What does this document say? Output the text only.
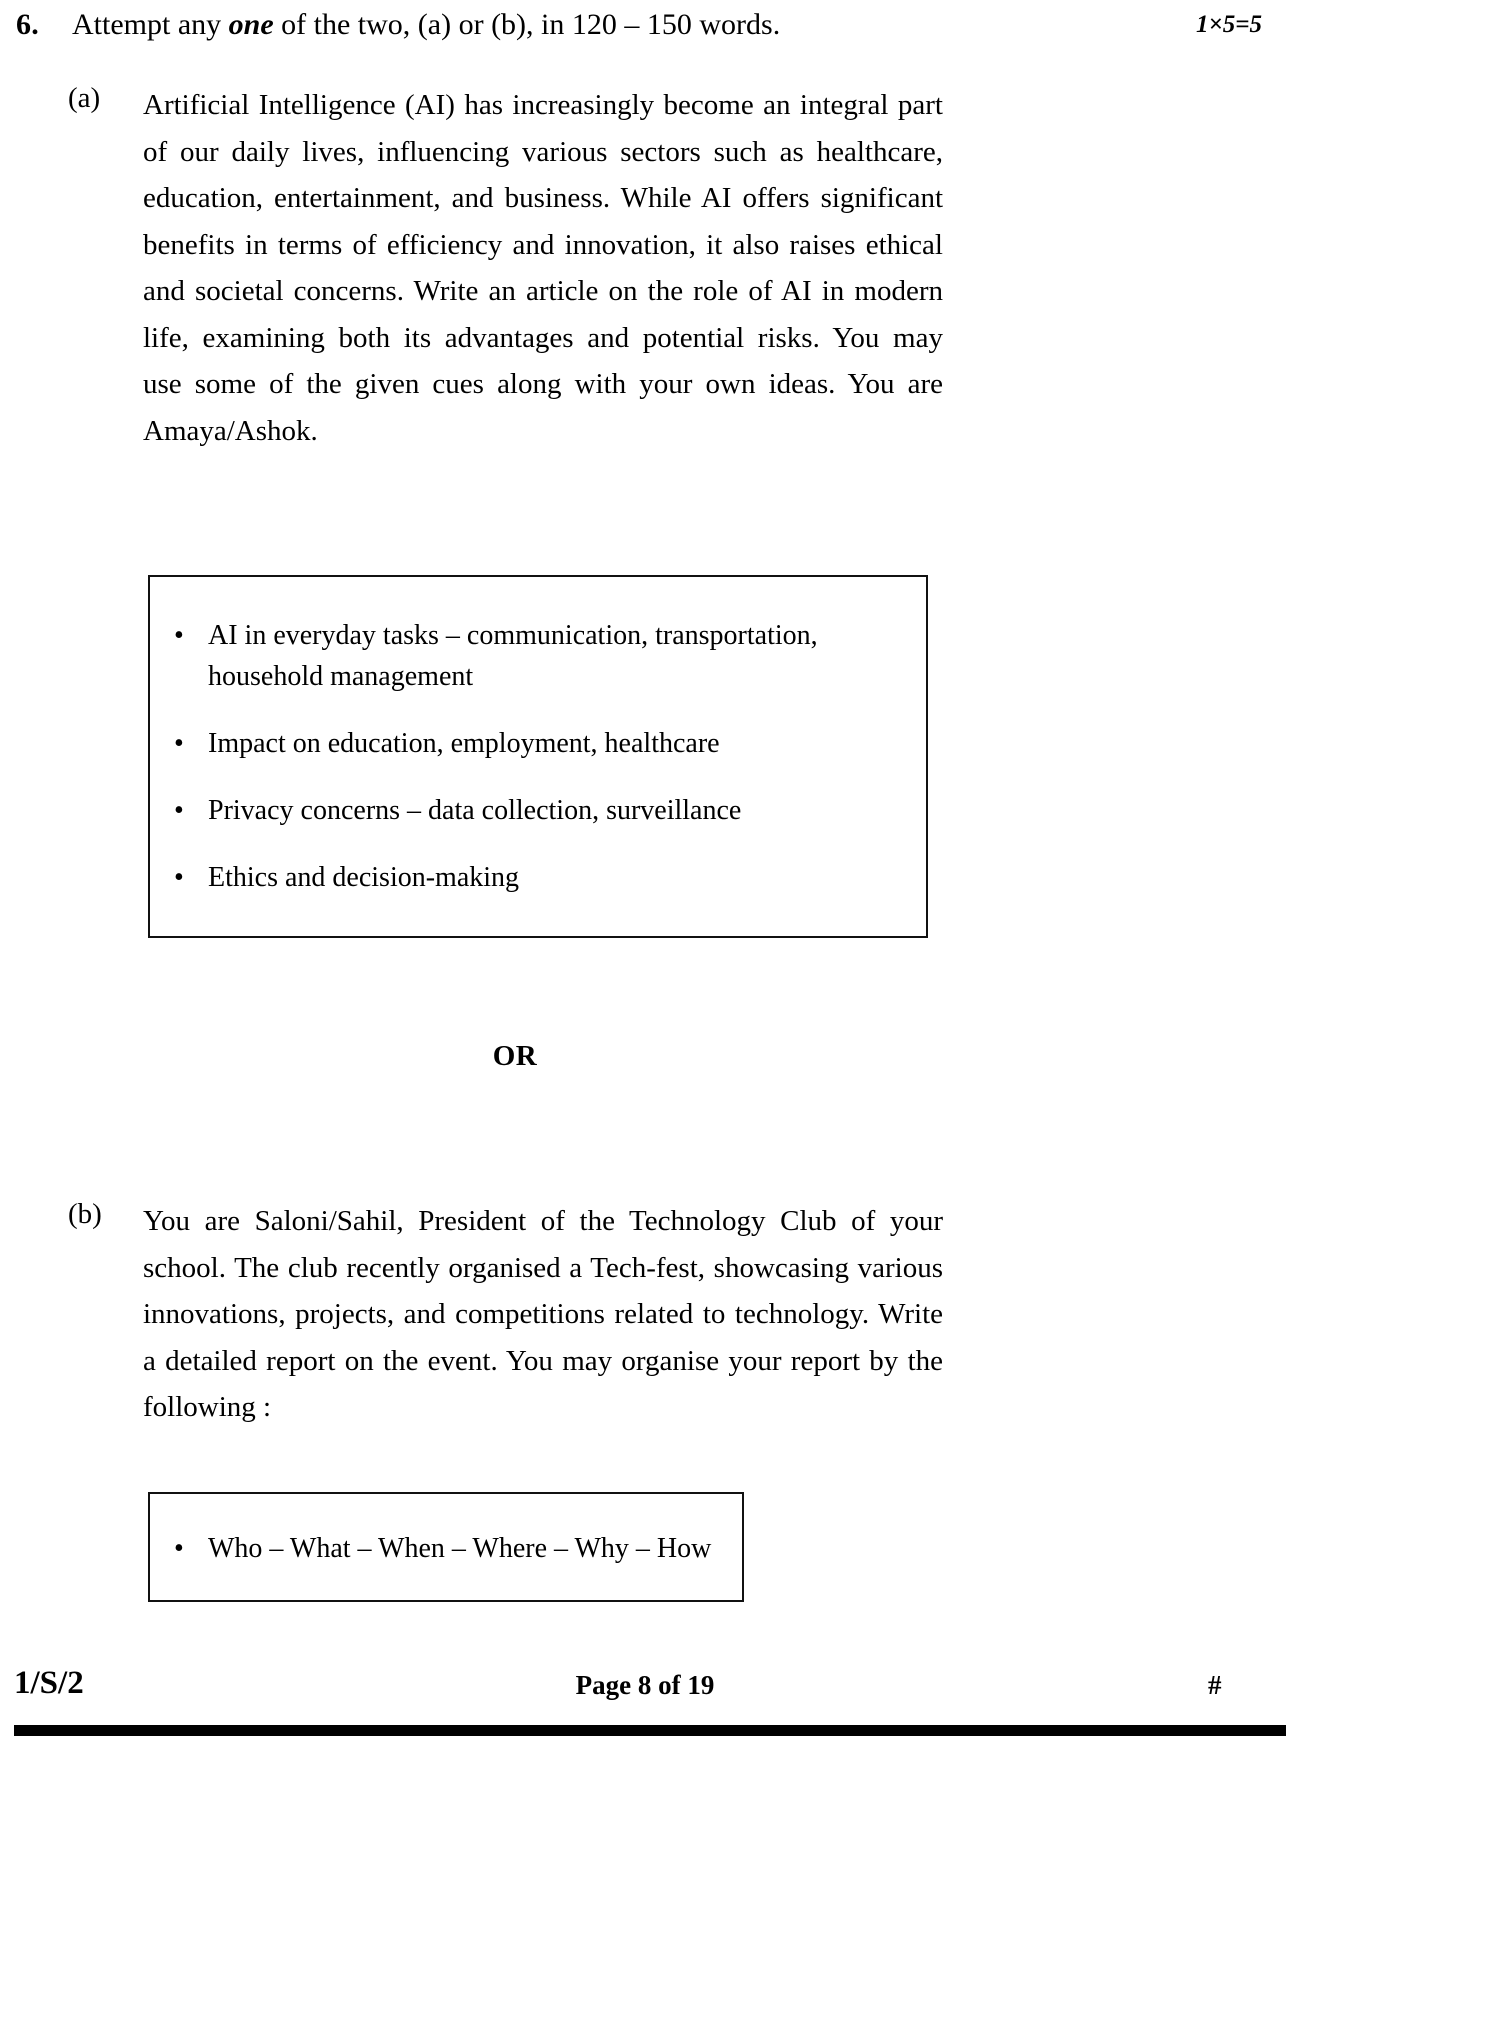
6. Attempt any one of the two, (a) or (b), in 120 – 150 words.	1×5=5
(a) Artificial Intelligence (AI) has increasingly become an integral part
of our daily lives, influencing various sectors such as healthcare,
education, entertainment, and business. While AI offers significant
benefits in terms of efficiency and innovation, it also raises ethical
and societal concerns. Write an article on the role of AI in modern
life, examining both its advantages and potential risks. You may
use some of the given cues along with your own ideas. You are
Amaya/Ashok.
• AI in everyday tasks – communication, transportation, household management
• Impact on education, employment, healthcare
• Privacy concerns – data collection, surveillance
• Ethics and decision-making
OR
(b) You are Saloni/Sahil, President of the Technology Club of your
school. The club recently organised a Tech-fest, showcasing various
innovations, projects, and competitions related to technology. Write
a detailed report on the event. You may organise your report by the
following :
• Who – What – When – Where – Why – How
1/S/2	Page 8 of 19	#
